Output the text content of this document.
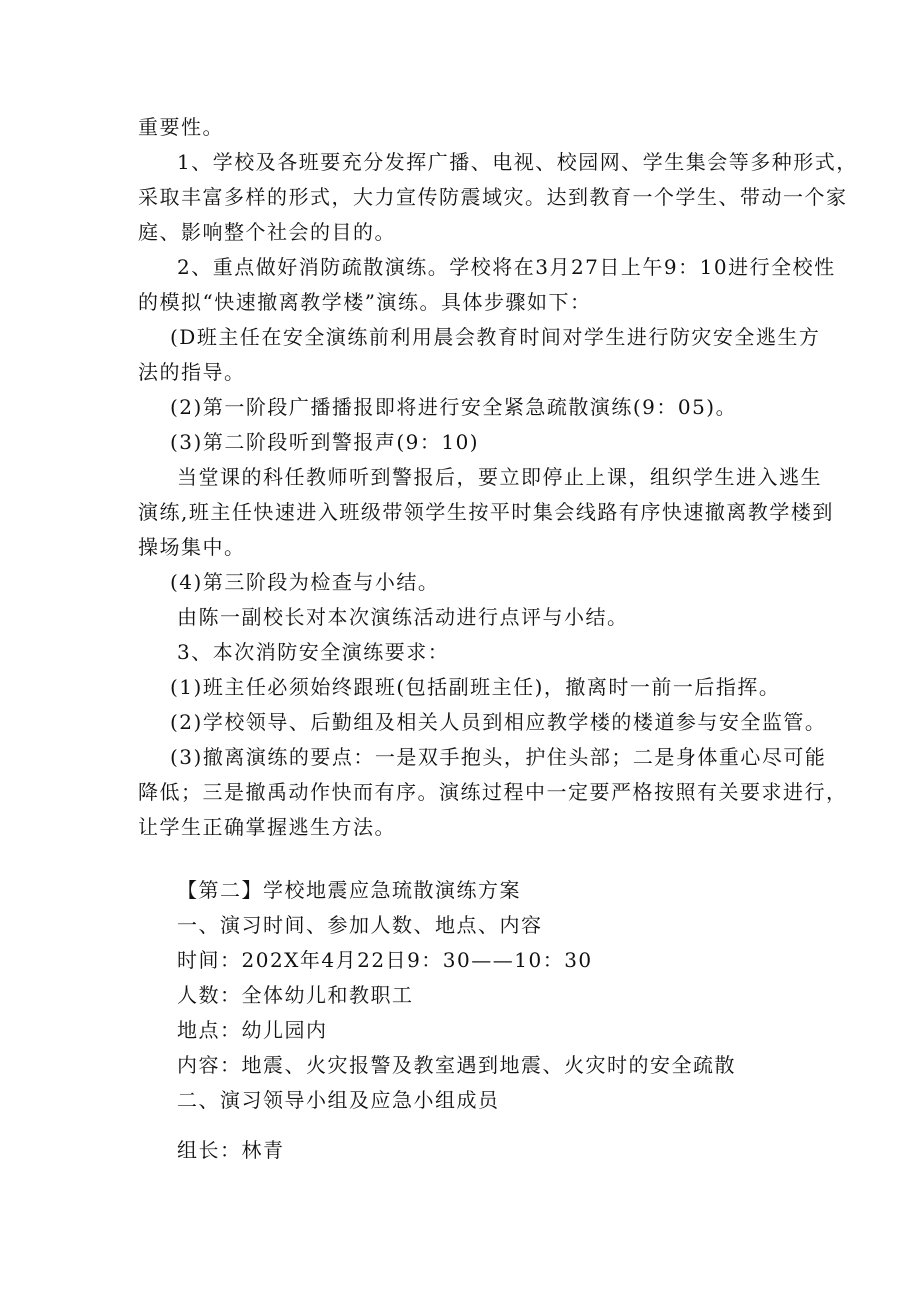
重要性。
1、学校及各班要充分发挥广播、电视、校园网、学生集会等多种形式，
采取丰富多样的形式，大力宣传防震域灾。达到教育一个学生、带动一个家
庭、影响整个社会的目的。
2、重点做好消防疏散演练。学校将在3月27日上午9：10进行全校性
的模拟“快速撤离教学楼”演练。具体步骤如下：
(D班主任在安全演练前利用晨会教育时间对学生进行防灾安全逃生方
法的指导。
(2)第一阶段广播播报即将进行安全紧急疏散演练(9：05)。
(3)第二阶段听到警报声(9：10)
当堂课的科任教师听到警报后，要立即停止上课，组织学生进入逃生
演练,班主任快速进入班级带领学生按平时集会线路有序快速撤离教学楼到
操场集中。
(4)第三阶段为检查与小结。
由陈一副校长对本次演练活动进行点评与小结。
3、本次消防安全演练要求：
(1)班主任必须始终跟班(包括副班主任)，撤离时一前一后指挥。
(2)学校领导、后勤组及相关人员到相应教学楼的楼道参与安全监管。
(3)撤离演练的要点：一是双手抱头，护住头部；二是身体重心尽可能
降低；三是撤禹动作快而有序。演练过程中一定要严格按照有关要求进行，
让学生正确掌握逃生方法。
【第二】学校地震应急琉散演练方案
一、演习时间、参加人数、地点、内容
时间：202X年4月22日9：30——10：30
人数：全体幼儿和教职工
地点：幼儿园内
内容：地震、火灾报警及教室遇到地震、火灾时的安全疏散
二、演习领导小组及应急小组成员
组长：林青
